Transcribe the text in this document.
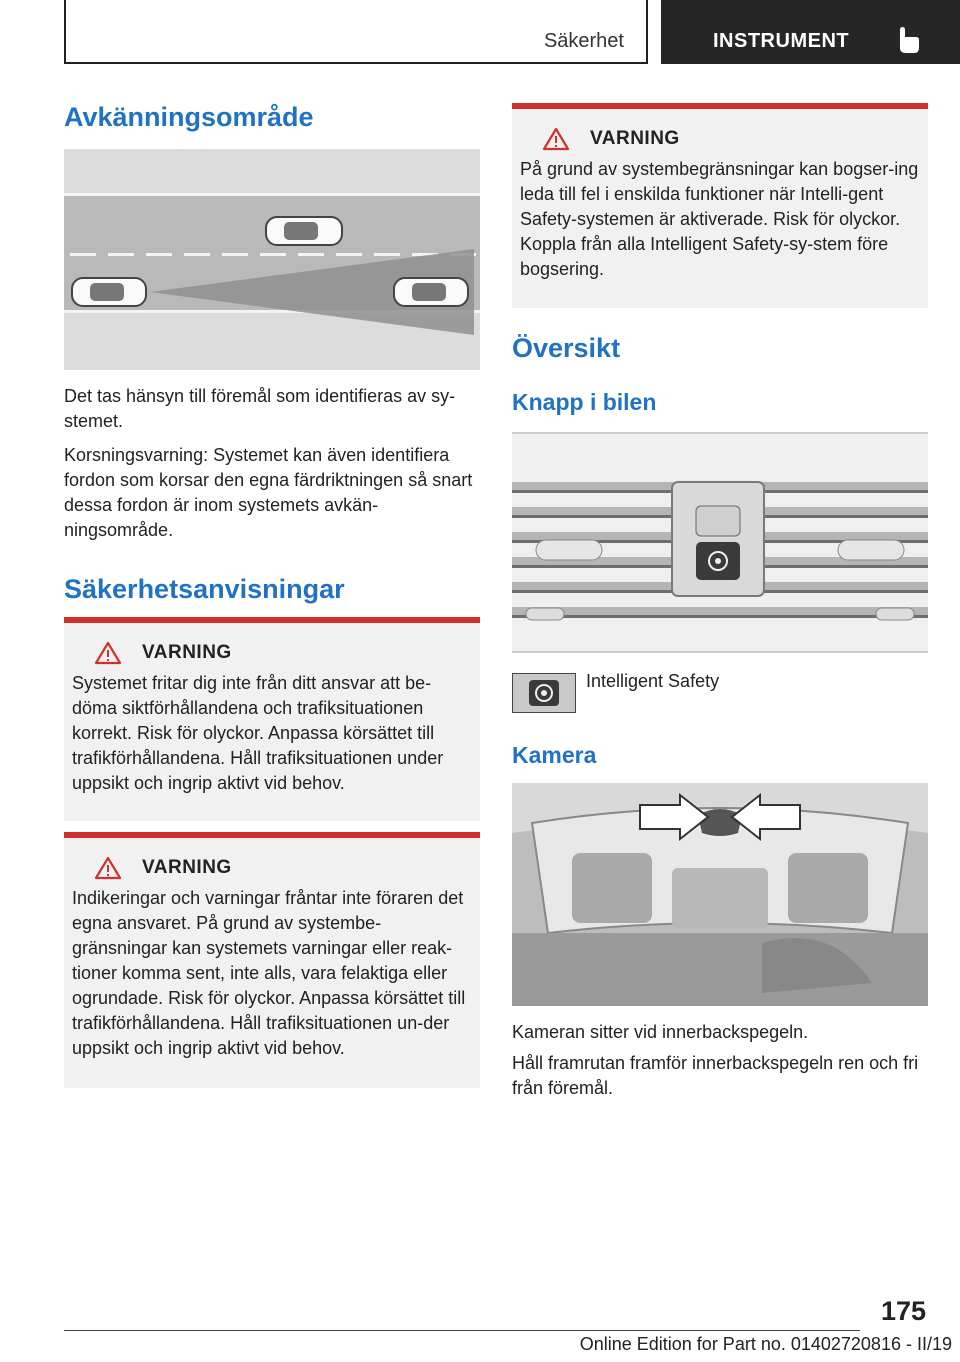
Säkerhet	INSTRUMENT
Avkänningsområde

Det tas hänsyn till föremål som identifieras av sy-stemet.

Korsningsvarning: Systemet kan även identifiera fordon som korsar den egna färdriktningen så snart dessa fordon är inom systemets avkän-ningsområde.

Säkerhetsanvisningar
VARNING

Systemet fritar dig inte från ditt ansvar att be-döma siktförhållandena och trafiksituationen korrekt. Risk för olyckor. Anpassa körsättet till trafikförhållandena. Håll trafiksituationen under uppsikt och ingrip aktivt vid behov.

VARNING

Indikeringar och varningar fråntar inte föraren det egna ansvaret. På grund av systembe-gränsningar kan systemets varningar eller reak-tioner komma sent, inte alls, vara felaktiga eller ogrundade. Risk för olyckor. Anpassa körsättet till trafikförhållandena. Håll trafiksituationen un-der uppsikt och ingrip aktivt vid behov.

VARNING

På grund av systembegränsningar kan bogser-ing leda till fel i enskilda funktioner när Intelli-gent Safety-systemen är aktiverade. Risk för olyckor. Koppla från alla Intelligent Safety-sy-stem före bogsering.

Översikt
Knapp i bilen
Intelligent Safety
Kamera

Kameran sitter vid innerbackspegeln.

Håll framrutan framför innerbackspegeln ren och fri från föremål.

175
Online Edition for Part no. 01402720816 - II/19
